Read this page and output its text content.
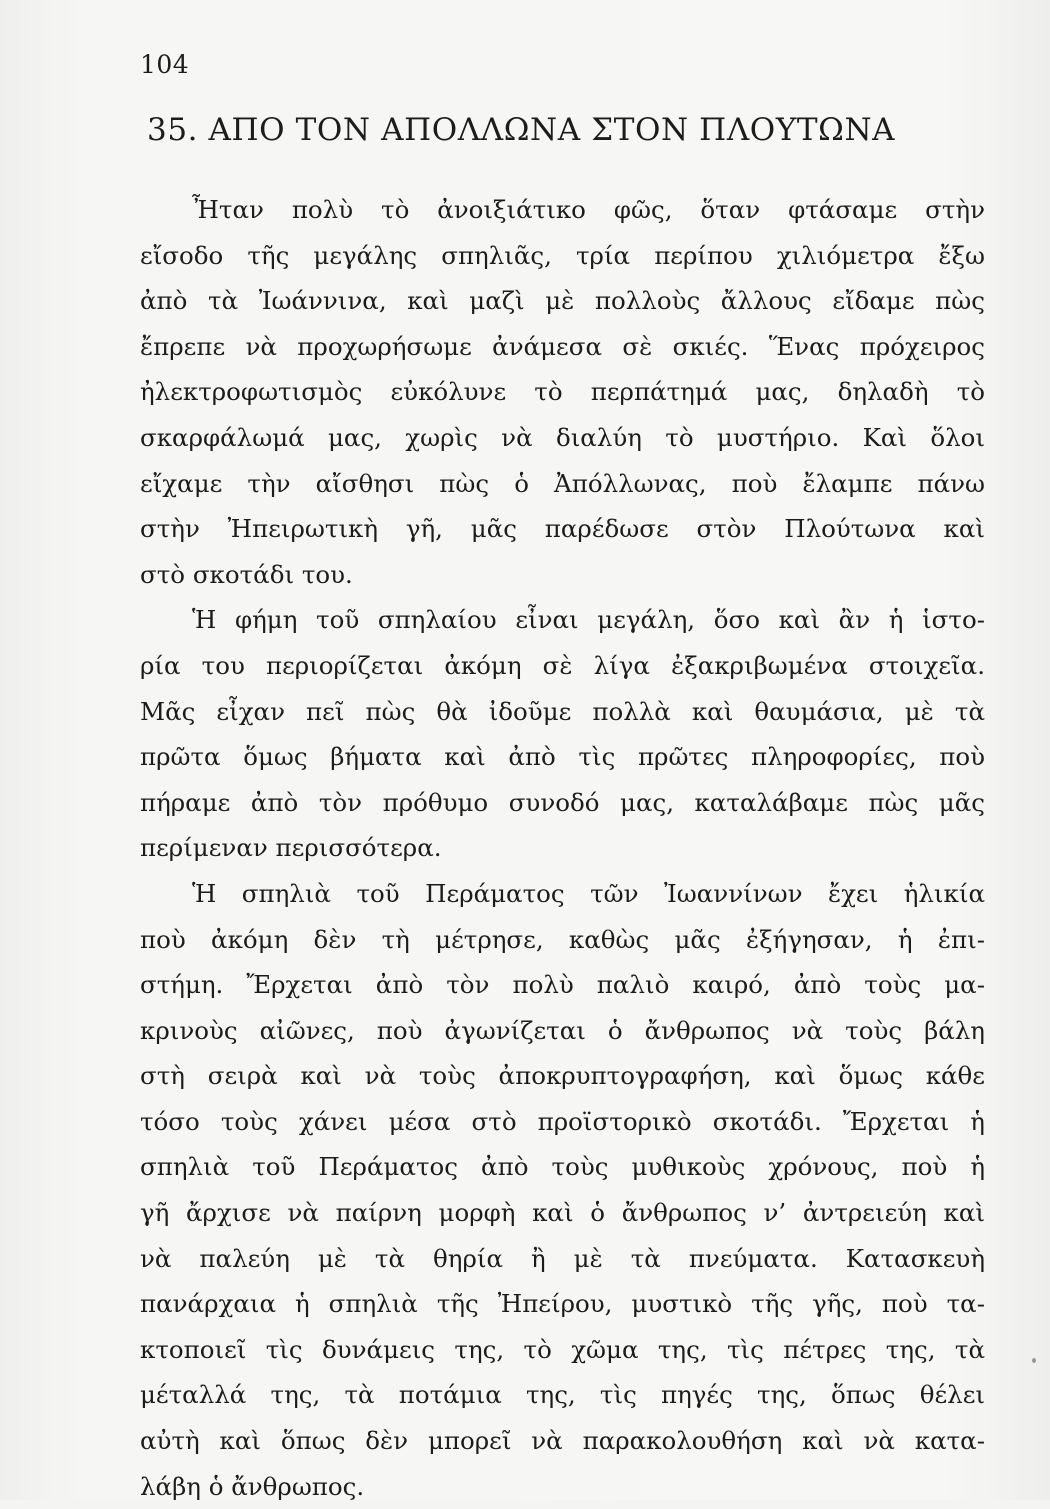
104
35. ΑΠΟ ΤΟΝ ΑΠΟΛΛΩΝΑ ΣΤΟΝ ΠΛΟΥΤΩΝΑ
Ἦταν πολὺ τὸ ἀνοιξιάτικο φῶς, ὅταν φτάσαμε στὴν
εἴσοδο τῆς μεγάλης σπηλιᾶς, τρία περίπου χιλιόμετρα ἔξω
ἀπὸ τὰ Ἰωάννινα, καὶ μαζὶ μὲ πολλοὺς ἄλλους εἴδαμε πὼς
ἔπρεπε νὰ προχωρήσωμε ἀνάμεσα σὲ σκιές. Ἕνας πρόχειρος
ἠλεκτροφωτισμὸς εὐκόλυνε τὸ περπάτημά μας, δηλαδὴ τὸ
σκαρφάλωμά μας, χωρὶς νὰ διαλύη τὸ μυστήριο. Καὶ ὅλοι
εἴχαμε τὴν αἴσθησι πὼς ὁ Ἀπόλλωνας, ποὺ ἔλαμπε πάνω
στὴν Ἠπειρωτικὴ γῆ, μᾶς παρέδωσε στὸν Πλούτωνα καὶ
στὸ σκοτάδι του.
Ἡ φήμη τοῦ σπηλαίου εἶναι μεγάλη, ὅσο καὶ ἂν ἡ ἱστο-
ρία του περιορίζεται ἀκόμη σὲ λίγα ἐξακριβωμένα στοιχεῖα.
Μᾶς εἶχαν πεῖ πὼς θὰ ἰδοῦμε πολλὰ καὶ θαυμάσια, μὲ τὰ
πρῶτα ὅμως βήματα καὶ ἀπὸ τὶς πρῶτες πληροφορίες, ποὺ
πήραμε ἀπὸ τὸν πρόθυμο συνοδό μας, καταλάβαμε πὼς μᾶς
περίμεναν περισσότερα.
Ἡ σπηλιὰ τοῦ Περάματος τῶν Ἰωαννίνων ἔχει ἡλικία
ποὺ ἀκόμη δὲν τὴ μέτρησε, καθὼς μᾶς ἐξήγησαν, ἡ ἐπι-
στήμη. Ἔρχεται ἀπὸ τὸν πολὺ παλιὸ καιρό, ἀπὸ τοὺς μα-
κρινοὺς αἰῶνες, ποὺ ἀγωνίζεται ὁ ἄνθρωπος νὰ τοὺς βάλη
στὴ σειρὰ καὶ νὰ τοὺς ἀποκρυπτογραφήση, καὶ ὅμως κάθε
τόσο τοὺς χάνει μέσα στὸ προϊστορικὸ σκοτάδι. Ἔρχεται ἡ
σπηλιὰ τοῦ Περάματος ἀπὸ τοὺς μυθικοὺς χρόνους, ποὺ ἡ
γῆ ἄρχισε νὰ παίρνη μορφὴ καὶ ὁ ἄνθρωπος ν’ ἀντρειεύη καὶ
νὰ παλεύη μὲ τὰ θηρία ἢ μὲ τὰ πνεύματα. Κατασκευὴ
πανάρχαια ἡ σπηλιὰ τῆς Ἠπείρου, μυστικὸ τῆς γῆς, ποὺ τα-
κτοποιεῖ τὶς δυνάμεις της, τὸ χῶμα της, τὶς πέτρες της, τὰ
μέταλλά της, τὰ ποτάμια της, τὶς πηγές της, ὅπως θέλει
αὐτὴ καὶ ὅπως δὲν μπορεῖ νὰ παρακολουθήση καὶ νὰ κατα-
λάβη ὁ ἄνθρωπος.
